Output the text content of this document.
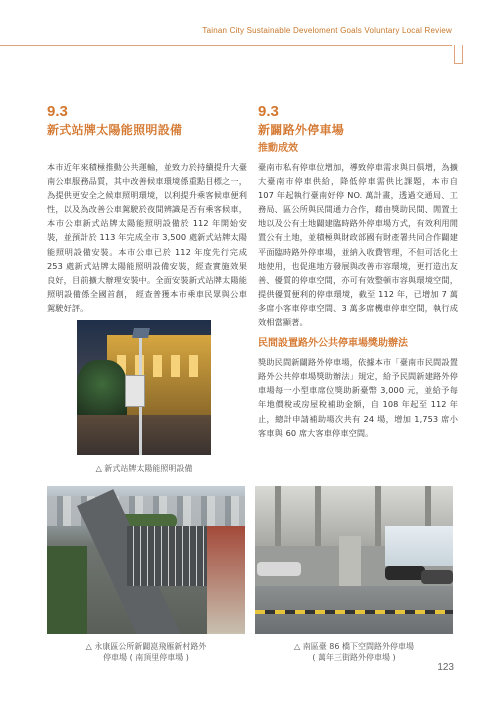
Tainan City Sustainable Develoment Goals Voluntary Local Review
9.3
新式站牌太陽能照明設備

本市近年來積極推動公共運輸，並致力於持續提升大臺南公車服務品質，其中改善候車環境係重點目標之一，為提供更安全之候車照明環境，以利提升乘客候車便利性，以及為改善公車駕駛於夜間辨識是否有乘客候車，本市公車新式站牌太陽能照明設備於 112 年開始安裝，並預計於 113 年完成全市 3,500 處新式站牌太陽能照明設備安裝。本市公車已於 112 年度先行完成 253 處新式站牌太陽能照明設備安裝，經查實施效果良好，目前擴大辦理安裝中。全面安裝新式站牌太陽能照明設備係全國首創， 經查普獲本市乘車民眾與公車駕駛好評。

9.3
新闢路外停車場
推動成效

臺南市私有停車位增加，導致停車需求與日俱增，為擴大臺南市停車供給，降低停車需供比課題，本市自 107 年起執行臺南好停 NO. 萬計畫，透過交通局、工務局、區公所與民間通力合作，藉由獎助民間、閒置土地以及公有土地闢建臨時路外停車場方式，有效利用閒置公有土地，並積極與財政部國有財產署共同合作闢建平面臨時路外停車場，並納入收費管理，不但可活化土地使用，也促進地方發展與改善市容環境，更打造出友善、優質的停車空間，亦可有效整頓市容與環境空間，提供優質便利的停車環境，截至 112 年，已增加 7 萬多席小客車停車空間、3 萬多席機車停車空間，執行成效相當顯著。

民間設置路外公共停車場獎助辦法

獎助民間新闢路外停車場，依據本市「臺南市民間設置路外公共停車場獎助辦法」規定，給予民間新建路外停車場每一小型車席位獎助新臺幣 3,000 元，並給予每年地價稅或房屋稅補助金額，自 108 年起至 112 年止，總計申請補助場次共有 24 場，增加 1,753 席小客車與 60 席大客車停車空間。

△ 新式站牌太陽能照明設備
△ 永康區公所新闢崑飛雁新村路外
停車場 ( 南頂里停車場 )
△ 南區臺 86 橋下空間路外停車場
( 萬年三街路外停車場 )
123
